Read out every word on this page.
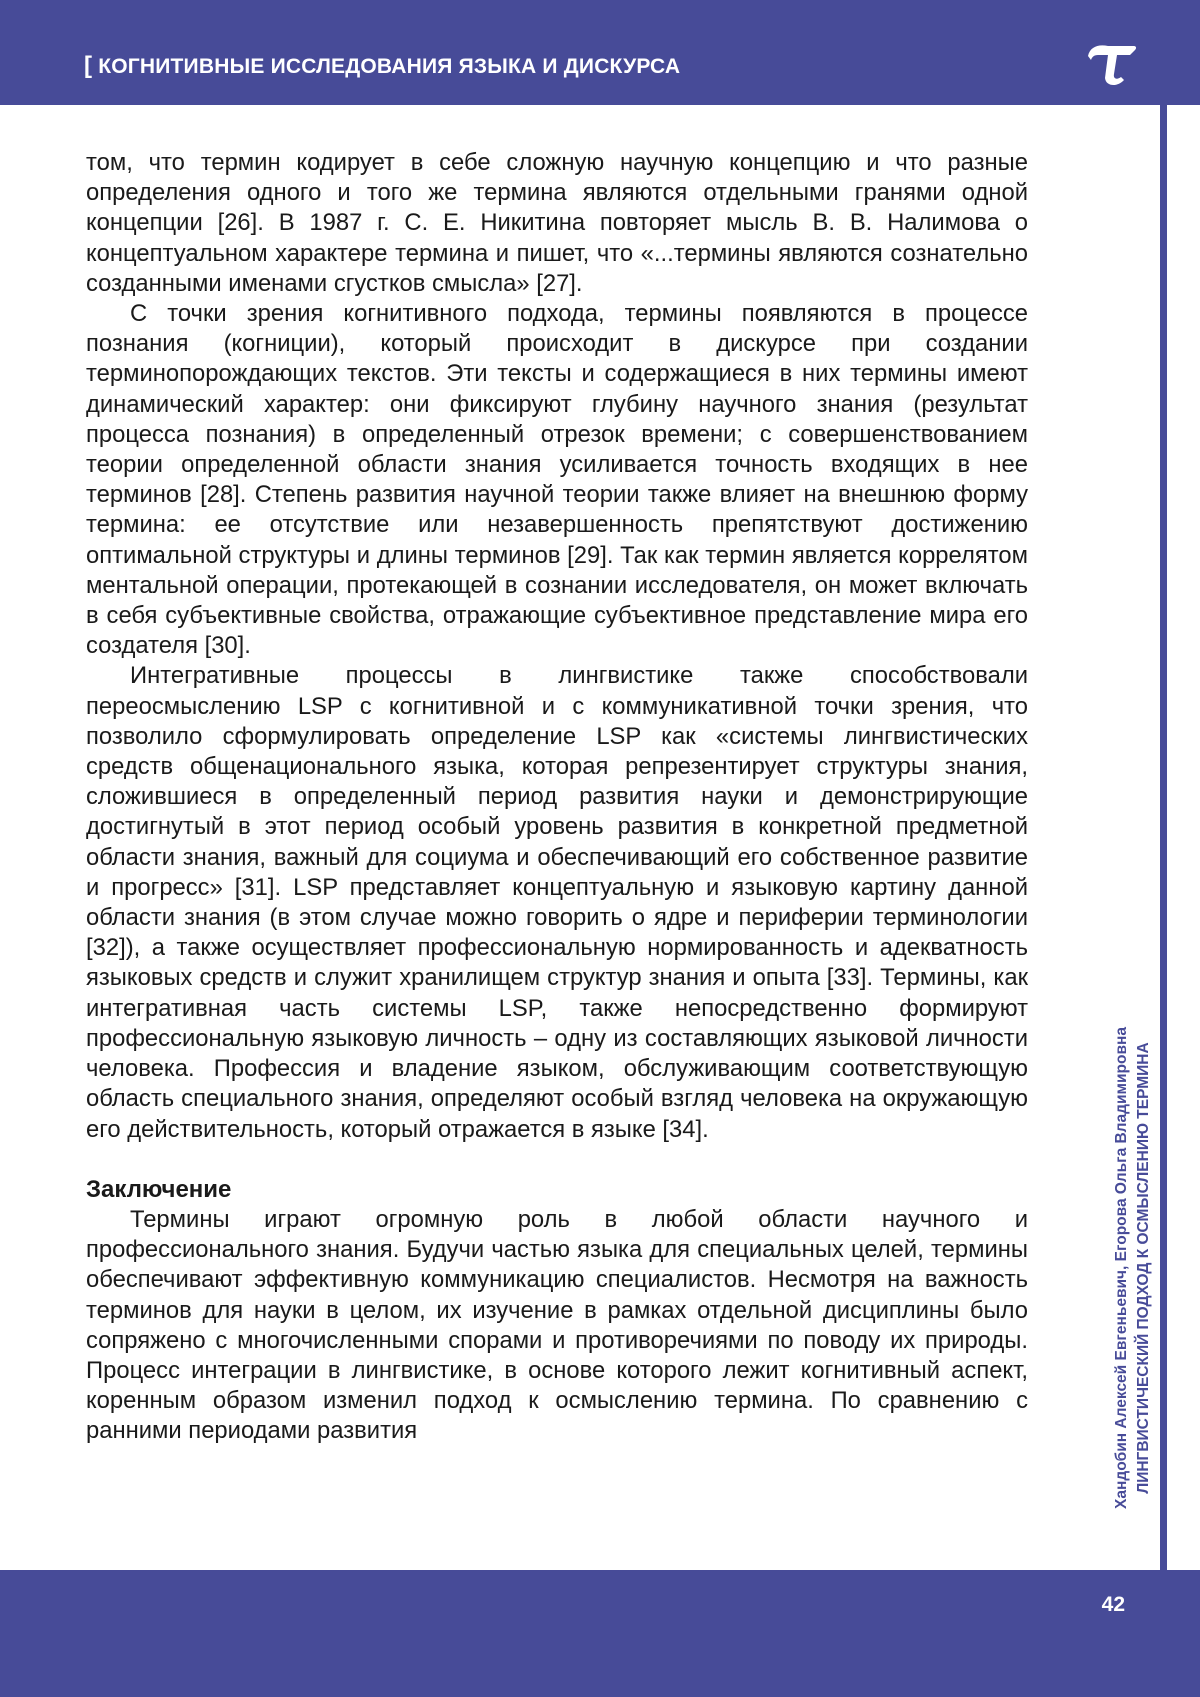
[ КОГНИТИВНЫЕ ИССЛЕДОВАНИЯ ЯЗЫКА И ДИСКУРСА
Хандобин Алексей Евгеньевич, Егорова Ольга Владимировна ЛИНГВИСТИЧЕСКИЙ ПОДХОД К ОСМЫСЛЕНИЮ ТЕРМИНА

том, что термин кодирует в себе сложную научную концепцию и что разные определения одного и того же термина являются отдельными гранями одной концепции [26]. В 1987 г. С. Е. Никитина повторяет мысль В. В. Налимова о концептуальном характере термина и пишет, что «...термины являются сознательно созданными именами сгустков смысла» [27].

С точки зрения когнитивного подхода, термины появляются в процессе познания (когниции), который происходит в дискурсе при создании терминопорождающих текстов. Эти тексты и содержащиеся в них термины имеют динамический характер: они фиксируют глубину научного знания (результат процесса познания) в определенный отрезок времени; с совершенствованием теории определенной области знания усиливается точность входящих в нее терминов [28]. Степень развития научной теории также влияет на внешнюю форму термина: ее отсутствие или незавершенность препятствуют достижению оптимальной структуры и длины терминов [29]. Так как термин является коррелятом ментальной операции, протекающей в сознании исследователя, он может включать в себя субъективные свойства, отражающие субъективное представление мира его создателя [30].

Интегративные процессы в лингвистике также способствовали переосмыслению LSP с когнитивной и с коммуникативной точки зрения, что позволило сформулировать определение LSP как «системы лингвистических средств общенационального языка, которая репрезентирует структуры знания, сложившиеся в определенный период развития науки и демонстрирующие достигнутый в этот период особый уровень развития в конкретной предметной области знания, важный для социума и обеспечивающий его собственное развитие и прогресс» [31]. LSP представляет концептуальную и языковую картину данной области знания (в этом случае можно говорить о ядре и периферии терминологии [32]), а также осуществляет профессиональную нормированность и адекватность языковых средств и служит хранилищем структур знания и опыта [33]. Термины, как интегративная часть системы LSP, также непосредственно формируют профессиональную языковую личность – одну из составляющих языковой личности человека. Профессия и владение языком, обслуживающим соответствующую область специального знания, определяют особый взгляд человека на окружающую его действительность, который отражается в языке [34].

Заключение

Термины играют огромную роль в любой области научного и профессионального знания. Будучи частью языка для специальных целей, термины обеспечивают эффективную коммуникацию специалистов. Несмотря на важность терминов для науки в целом, их изучение в рамках отдельной дисциплины было сопряжено с многочисленными спорами и противоречиями по поводу их природы. Процесс интеграции в лингвистике, в основе которого лежит когнитивный аспект, коренным образом изменил подход к осмыслению термина. По сравнению с ранними периодами развития

42
